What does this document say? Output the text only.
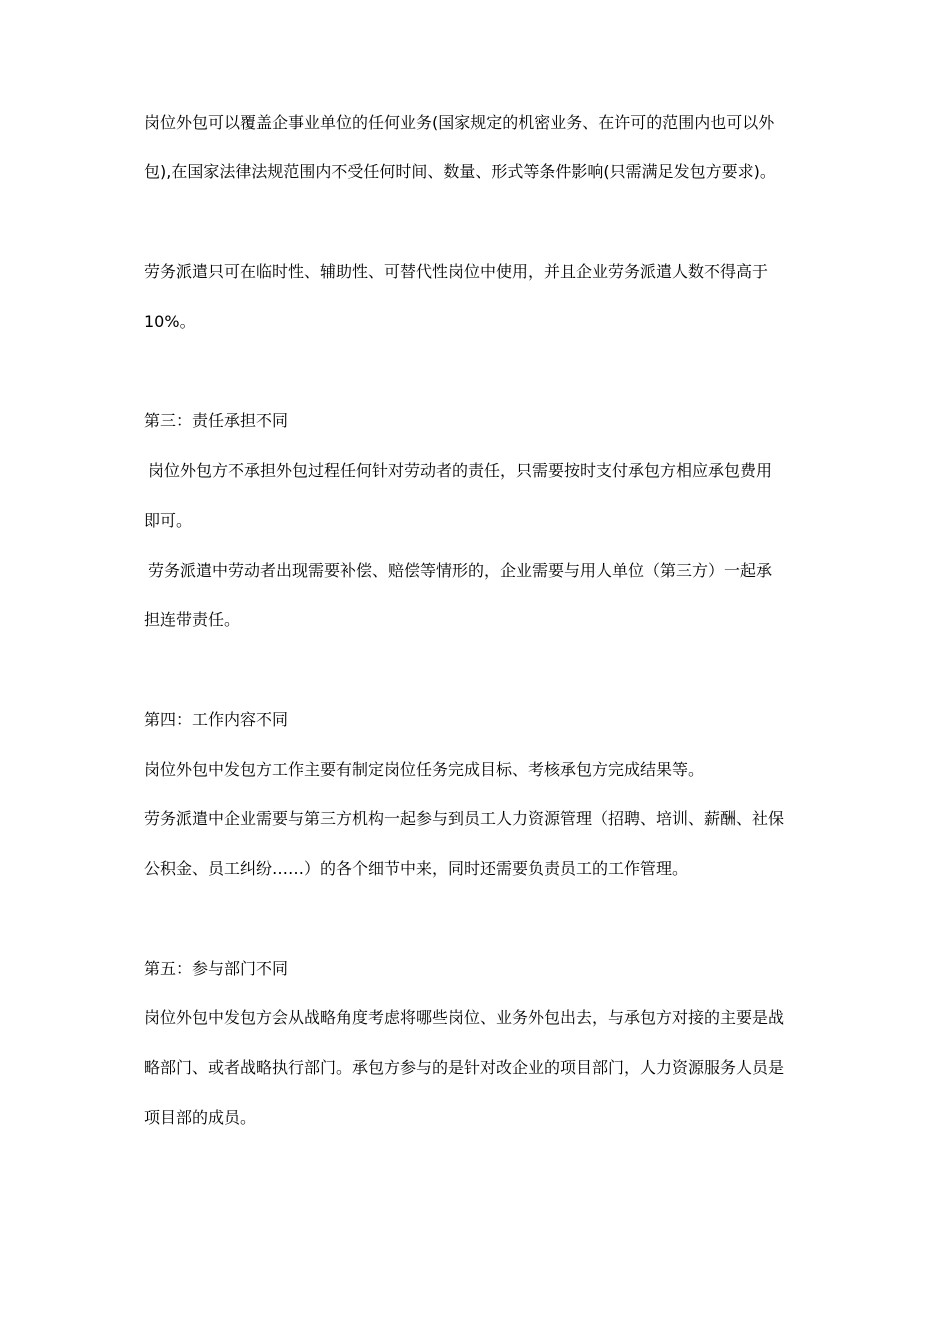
岗位外包可以覆盖企事业单位的任何业务(国家规定的机密业务、在许可的范围内也可以外
包),在国家法律法规范围内不受任何时间、数量、形式等条件影响(只需满足发包方要求)。
劳务派遣只可在临时性、辅助性、可替代性岗位中使用，并且企业劳务派遣人数不得高于
10%。
第三：责任承担不同
岗位外包方不承担外包过程任何针对劳动者的责任，只需要按时支付承包方相应承包费用
即可。
劳务派遣中劳动者出现需要补偿、赔偿等情形的，企业需要与用人单位（第三方）一起承
担连带责任。
第四：工作内容不同
岗位外包中发包方工作主要有制定岗位任务完成目标、考核承包方完成结果等。
劳务派遣中企业需要与第三方机构一起参与到员工人力资源管理（招聘、培训、薪酬、社保
公积金、员工纠纷……）的各个细节中来，同时还需要负责员工的工作管理。
第五：参与部门不同
岗位外包中发包方会从战略角度考虑将哪些岗位、业务外包出去，与承包方对接的主要是战
略部门、或者战略执行部门。承包方参与的是针对改企业的项目部门，人力资源服务人员是
项目部的成员。
